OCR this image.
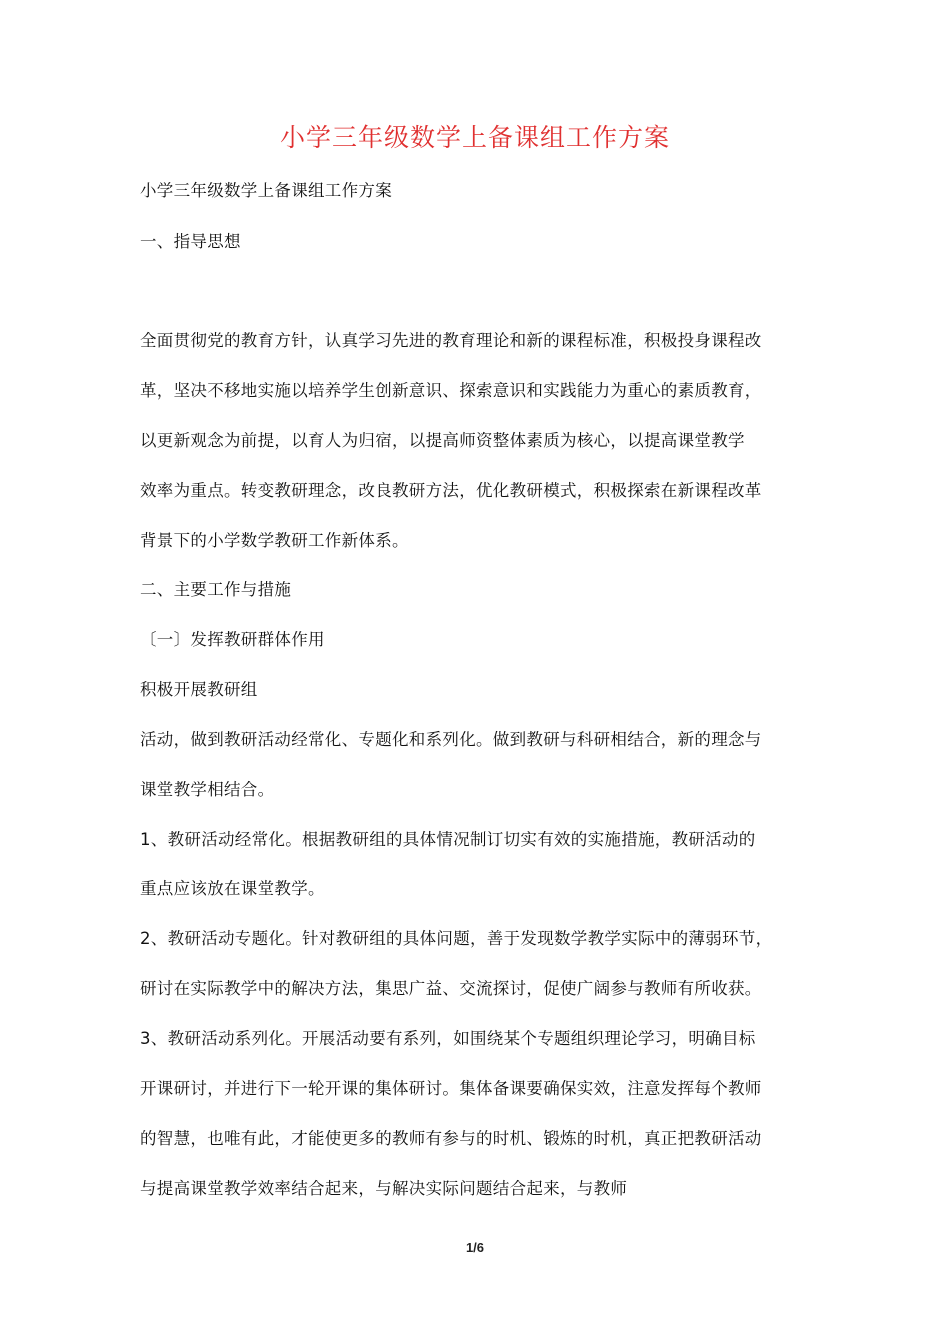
小学三年级数学上备课组工作方案
小学三年级数学上备课组工作方案
一、指导思想
全面贯彻党的教育方针，认真学习先进的教育理论和新的课程标准，积极投身课程改
革，坚决不移地实施以培养学生创新意识、探索意识和实践能力为重心的素质教育，
以更新观念为前提，以育人为归宿，以提高师资整体素质为核心，以提高课堂教学
效率为重点。转变教研理念，改良教研方法，优化教研模式，积极探索在新课程改革
背景下的小学数学教研工作新体系。
二、主要工作与措施
〔一〕发挥教研群体作用
积极开展教研组
活动，做到教研活动经常化、专题化和系列化。做到教研与科研相结合，新的理念与
课堂教学相结合。
1、教研活动经常化。根据教研组的具体情况制订切实有效的实施措施，教研活动的
重点应该放在课堂教学。
2、教研活动专题化。针对教研组的具体问题，善于发现数学教学实际中的薄弱环节，
研讨在实际教学中的解决方法，集思广益、交流探讨，促使广阔参与教师有所收获。
3、教研活动系列化。开展活动要有系列，如围绕某个专题组织理论学习，明确目标
开课研讨，并进行下一轮开课的集体研讨。集体备课要确保实效，注意发挥每个教师
的智慧，也唯有此，才能使更多的教师有参与的时机、锻炼的时机，真正把教研活动
与提高课堂教学效率结合起来，与解决实际问题结合起来，与教师
1/6
